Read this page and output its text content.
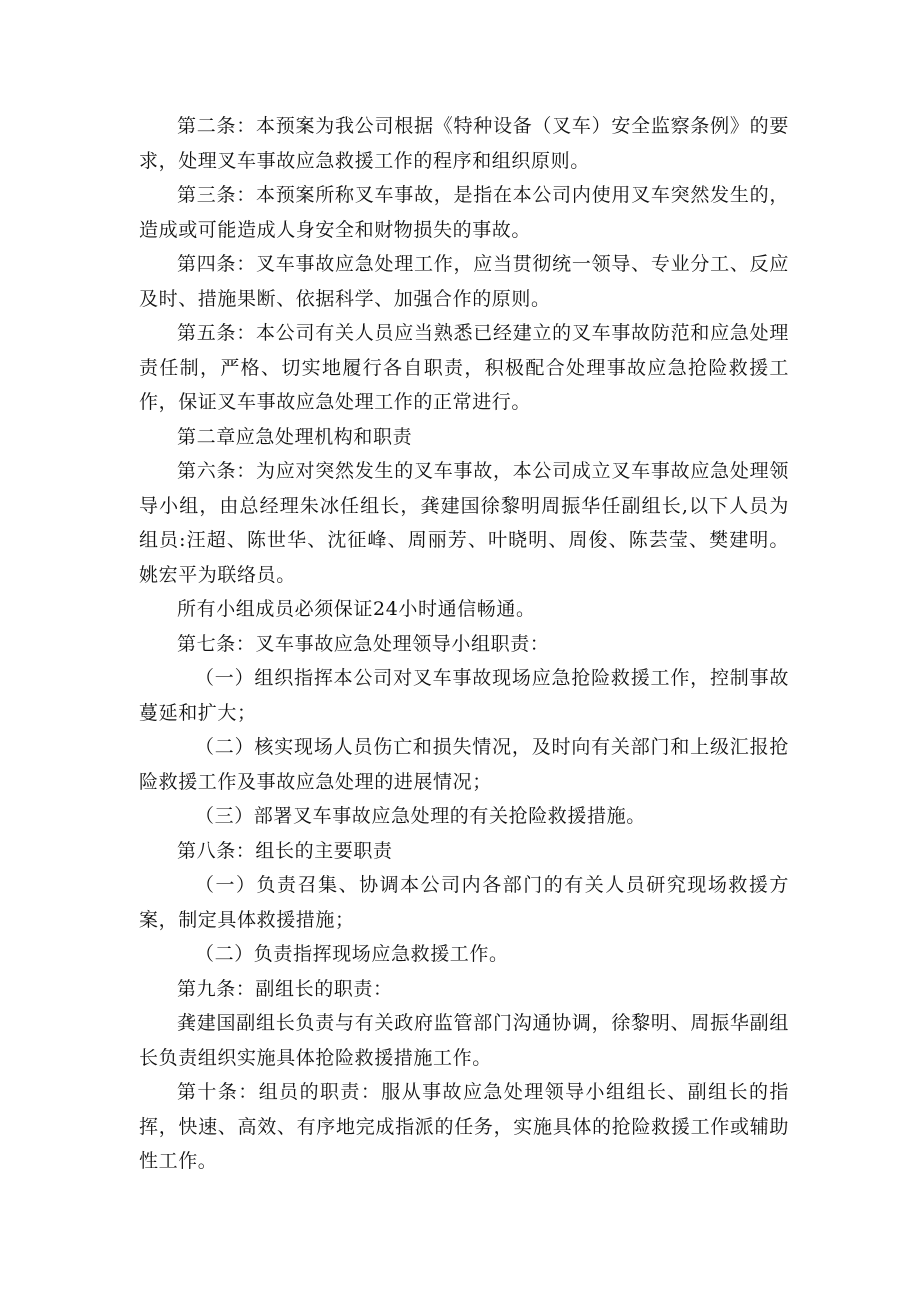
第二条：本预案为我公司根据《特种设备（叉车）安全监察条例》的要求，处理叉车事故应急救援工作的程序和组织原则。

第三条：本预案所称叉车事故，是指在本公司内使用叉车突然发生的，造成或可能造成人身安全和财物损失的事故。

第四条：叉车事故应急处理工作，应当贯彻统一领导、专业分工、反应及时、措施果断、依据科学、加强合作的原则。

第五条：本公司有关人员应当熟悉已经建立的叉车事故防范和应急处理责任制，严格、切实地履行各自职责，积极配合处理事故应急抢险救援工作，保证叉车事故应急处理工作的正常进行。

第二章应急处理机构和职责

第六条：为应对突然发生的叉车事故，本公司成立叉车事故应急处理领导小组，由总经理朱冰任组长，龚建国徐黎明周振华任副组长,以下人员为组员:汪超、陈世华、沈征峰、周丽芳、叶晓明、周俊、陈芸莹、樊建明。姚宏平为联络员。

所有小组成员必须保证24小时通信畅通。

第七条：叉车事故应急处理领导小组职责：

（一）组织指挥本公司对叉车事故现场应急抢险救援工作，控制事故蔓延和扩大；

（二）核实现场人员伤亡和损失情况，及时向有关部门和上级汇报抢险救援工作及事故应急处理的进展情况；

（三）部署叉车事故应急处理的有关抢险救援措施。

第八条：组长的主要职责

（一）负责召集、协调本公司内各部门的有关人员研究现场救援方案，制定具体救援措施；

（二）负责指挥现场应急救援工作。

第九条：副组长的职责：

龚建国副组长负责与有关政府监管部门沟通协调，徐黎明、周振华副组长负责组织实施具体抢险救援措施工作。

第十条：组员的职责：服从事故应急处理领导小组组长、副组长的指挥，快速、高效、有序地完成指派的任务，实施具体的抢险救援工作或辅助性工作。
